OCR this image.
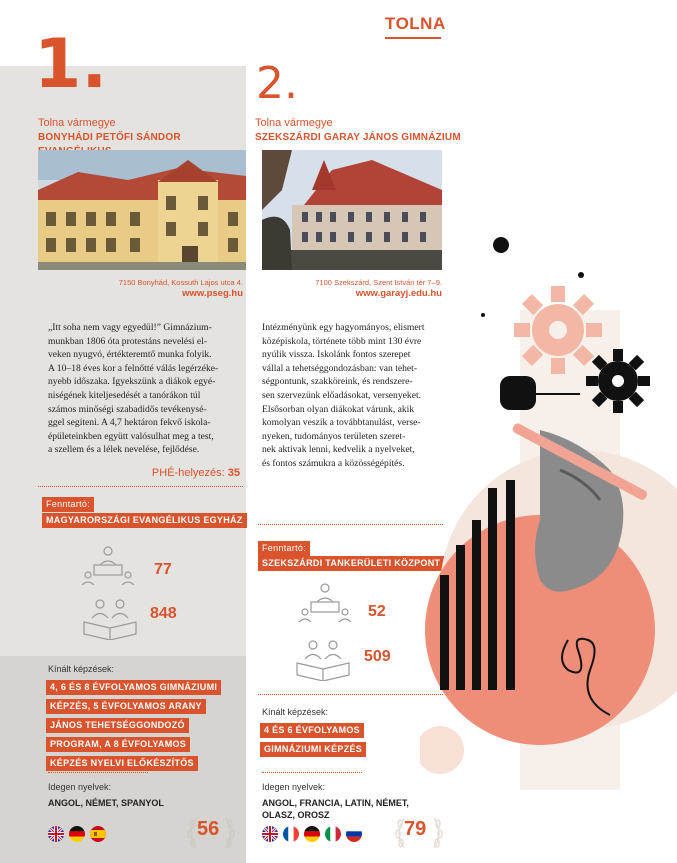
TOLNA
1.
Tolna vármegye
BONYHÁDI PETŐFI SÁNDOR
7150 Bonyhád, Kossuth Lajos utca 4.
www.pseg.hu
„Itt soha nem vagy egyedül!” Gimnázium-
munkban 1806 óta protestáns nevelési el-
veken nyugvó, értékteremtő munka folyik.
A 10–18 éves kor a felnőtté válás legérzéke-
nyebb időszaka. Igyekszünk a diákok egyé-
niségének kiteljesedését a tanórákon túl
számos minőségi szabadidős tevékenysé-
ggel segíteni. A 4,7 hektáron fekvő iskola-
épületeinkben együtt valósulhat meg a test,
a szellem és a lélek nevelése, fejlődése.
PHÉ-helyezés: 35
Fenntartó:
MAGYARORSZÁGI EVANGÉLIKUS EGYHÁZ
77
848
Kínált képzések:
4, 6 ÉS 8 ÉVFOLYAMOS GIMNÁZIUMI
KÉPZÉS, 5 ÉVFOLYAMOS ARANY
JÁNOS TEHETSÉGGONDOZÓ
PROGRAM, A 8 ÉVFOLYAMOS
KÉPZÉS NYELVI ELŐKÉSZÍTŐS
Idegen nyelvek:
ANGOL, NÉMET, SPANYOL
56
2.
Tolna vármegye
SZEKSZÁRDI GARAY JÁNOS GIMNÁZIUM
7100 Szekszárd, Szent István tér 7–9.
www.garayj.edu.hu
Intézményünk egy hagyományos, elismert
középiskola, története több mint 130 évre
nyúlik vissza. Iskolánk fontos szerepet
vállal a tehetséggondozásban: van tehet-
ségpontunk, szakköreink, és rendszere-
sen szervezünk előadásokat, versenyeket.
Elsősorban olyan diákokat várunk, akik
komolyan veszik a továbbtanulást, verse-
nyeken, tudományos területen szeret-
nek aktívak lenni, kedvelik a nyelveket,
és fontos számukra a közösségépítés.
Fenntartó:
SZEKSZÁRDI TANKERÜLETI KÖZPONT
52
509
Kínált képzések:
4 ÉS 6 ÉVFOLYAMOS
GIMNÁZIUMI KÉPZÉS
Idegen nyelvek:
ANGOL, FRANCIA, LATIN, NÉMET,
OLASZ, OROSZ
79
